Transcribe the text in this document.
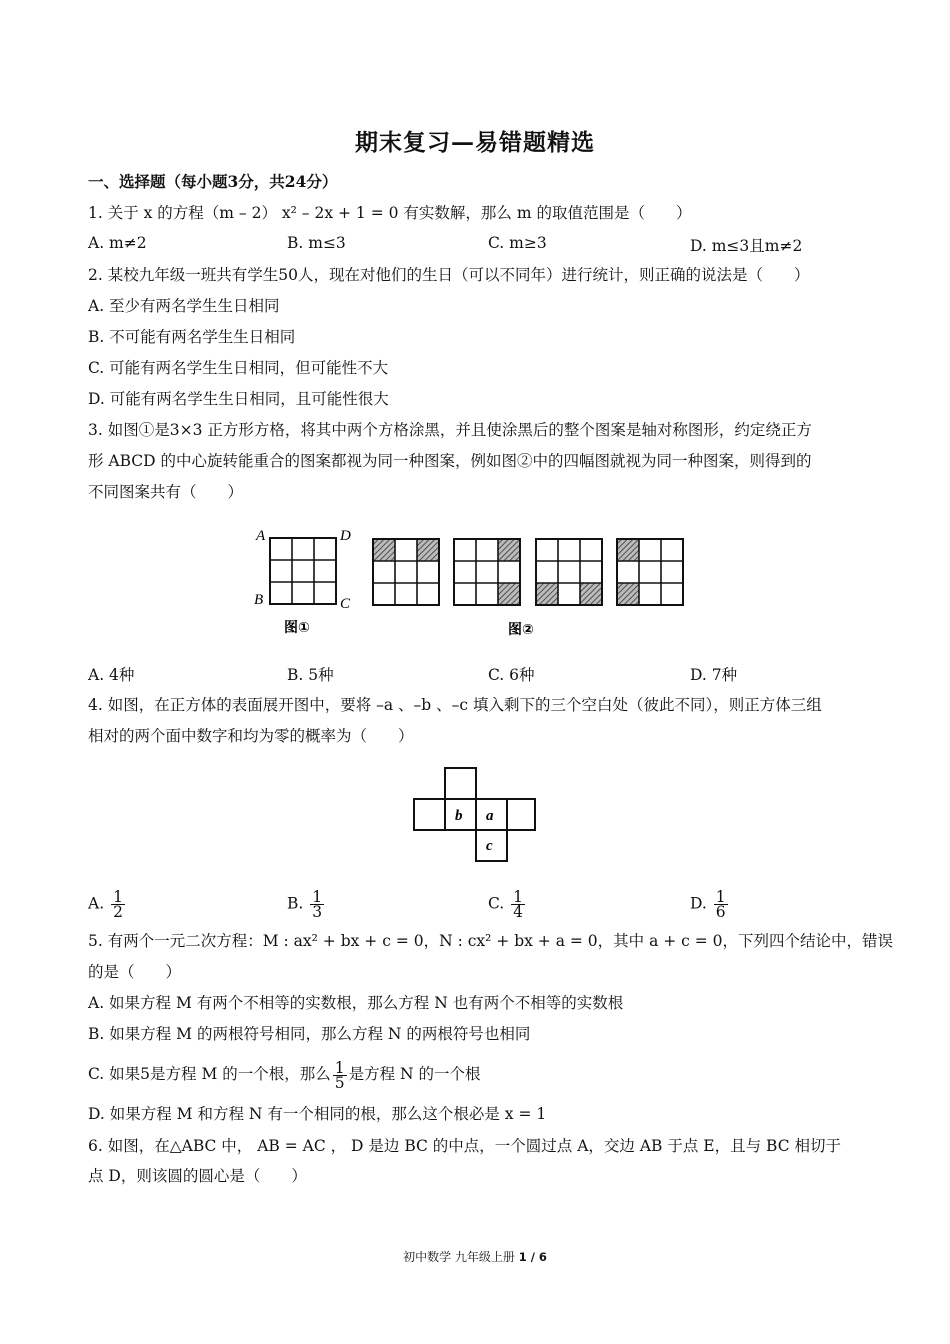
期末复习—易错题精选
一、选择题（每小题3分，共24分）
1. 关于 x 的方程（m – 2） x² – 2x + 1 = 0 有实数解，那么 m 的取值范围是（　　）
A. m≠2	B. m≤3	C. m≥3	D. m≤3且m≠2
2. 某校九年级一班共有学生50人，现在对他们的生日（可以不同年）进行统计，则正确的说法是（　　）
A. 至少有两名学生生日相同
B. 不可能有两名学生生日相同
C. 可能有两名学生生日相同，但可能性不大
D. 可能有两名学生生日相同，且可能性很大
3. 如图①是3×3 正方形方格，将其中两个方格涂黑，并且使涂黑后的整个图案是轴对称图形，约定绕正方
形 ABCD 的中心旋转能重合的图案都视为同一种图案，例如图②中的四幅图就视为同一种图案，则得到的
不同图案共有（　　）
A	D
B	C
图①	图②
A. 4种	B. 5种	C. 6种	D. 7种
4. 如图，在正方体的表面展开图中，要将 –a 、–b 、–c 填入剩下的三个空白处（彼此不同），则正方体三组
相对的两个面中数字和均为零的概率为（　　）
b a
c
A. $\frac{1}{2}$	B. $\frac{1}{3}$	C. $\frac{1}{4}$	D. $\frac{1}{6}$
5. 有两个一元二次方程：M : ax² + bx + c = 0，N : cx² + bx + a = 0，其中 a + c = 0，下列四个结论中，错误
的是（　　）
A. 如果方程 M 有两个不相等的实数根，那么方程 N 也有两个不相等的实数根
B. 如果方程 M 的两根符号相同，那么方程 N 的两根符号也相同
C. 如果5是方程 M 的一个根，那么 $\frac{1}{5}$ 是方程 N 的一个根
D. 如果方程 M 和方程 N 有一个相同的根，那么这个根必是 x = 1
6. 如图，在△ABC 中， AB = AC ， D 是边 BC 的中点，一个圆过点 A，交边 AB 于点 E，且与 BC 相切于
点 D，则该圆的圆心是（　　）
初中数学 九年级上册 1 / 6
